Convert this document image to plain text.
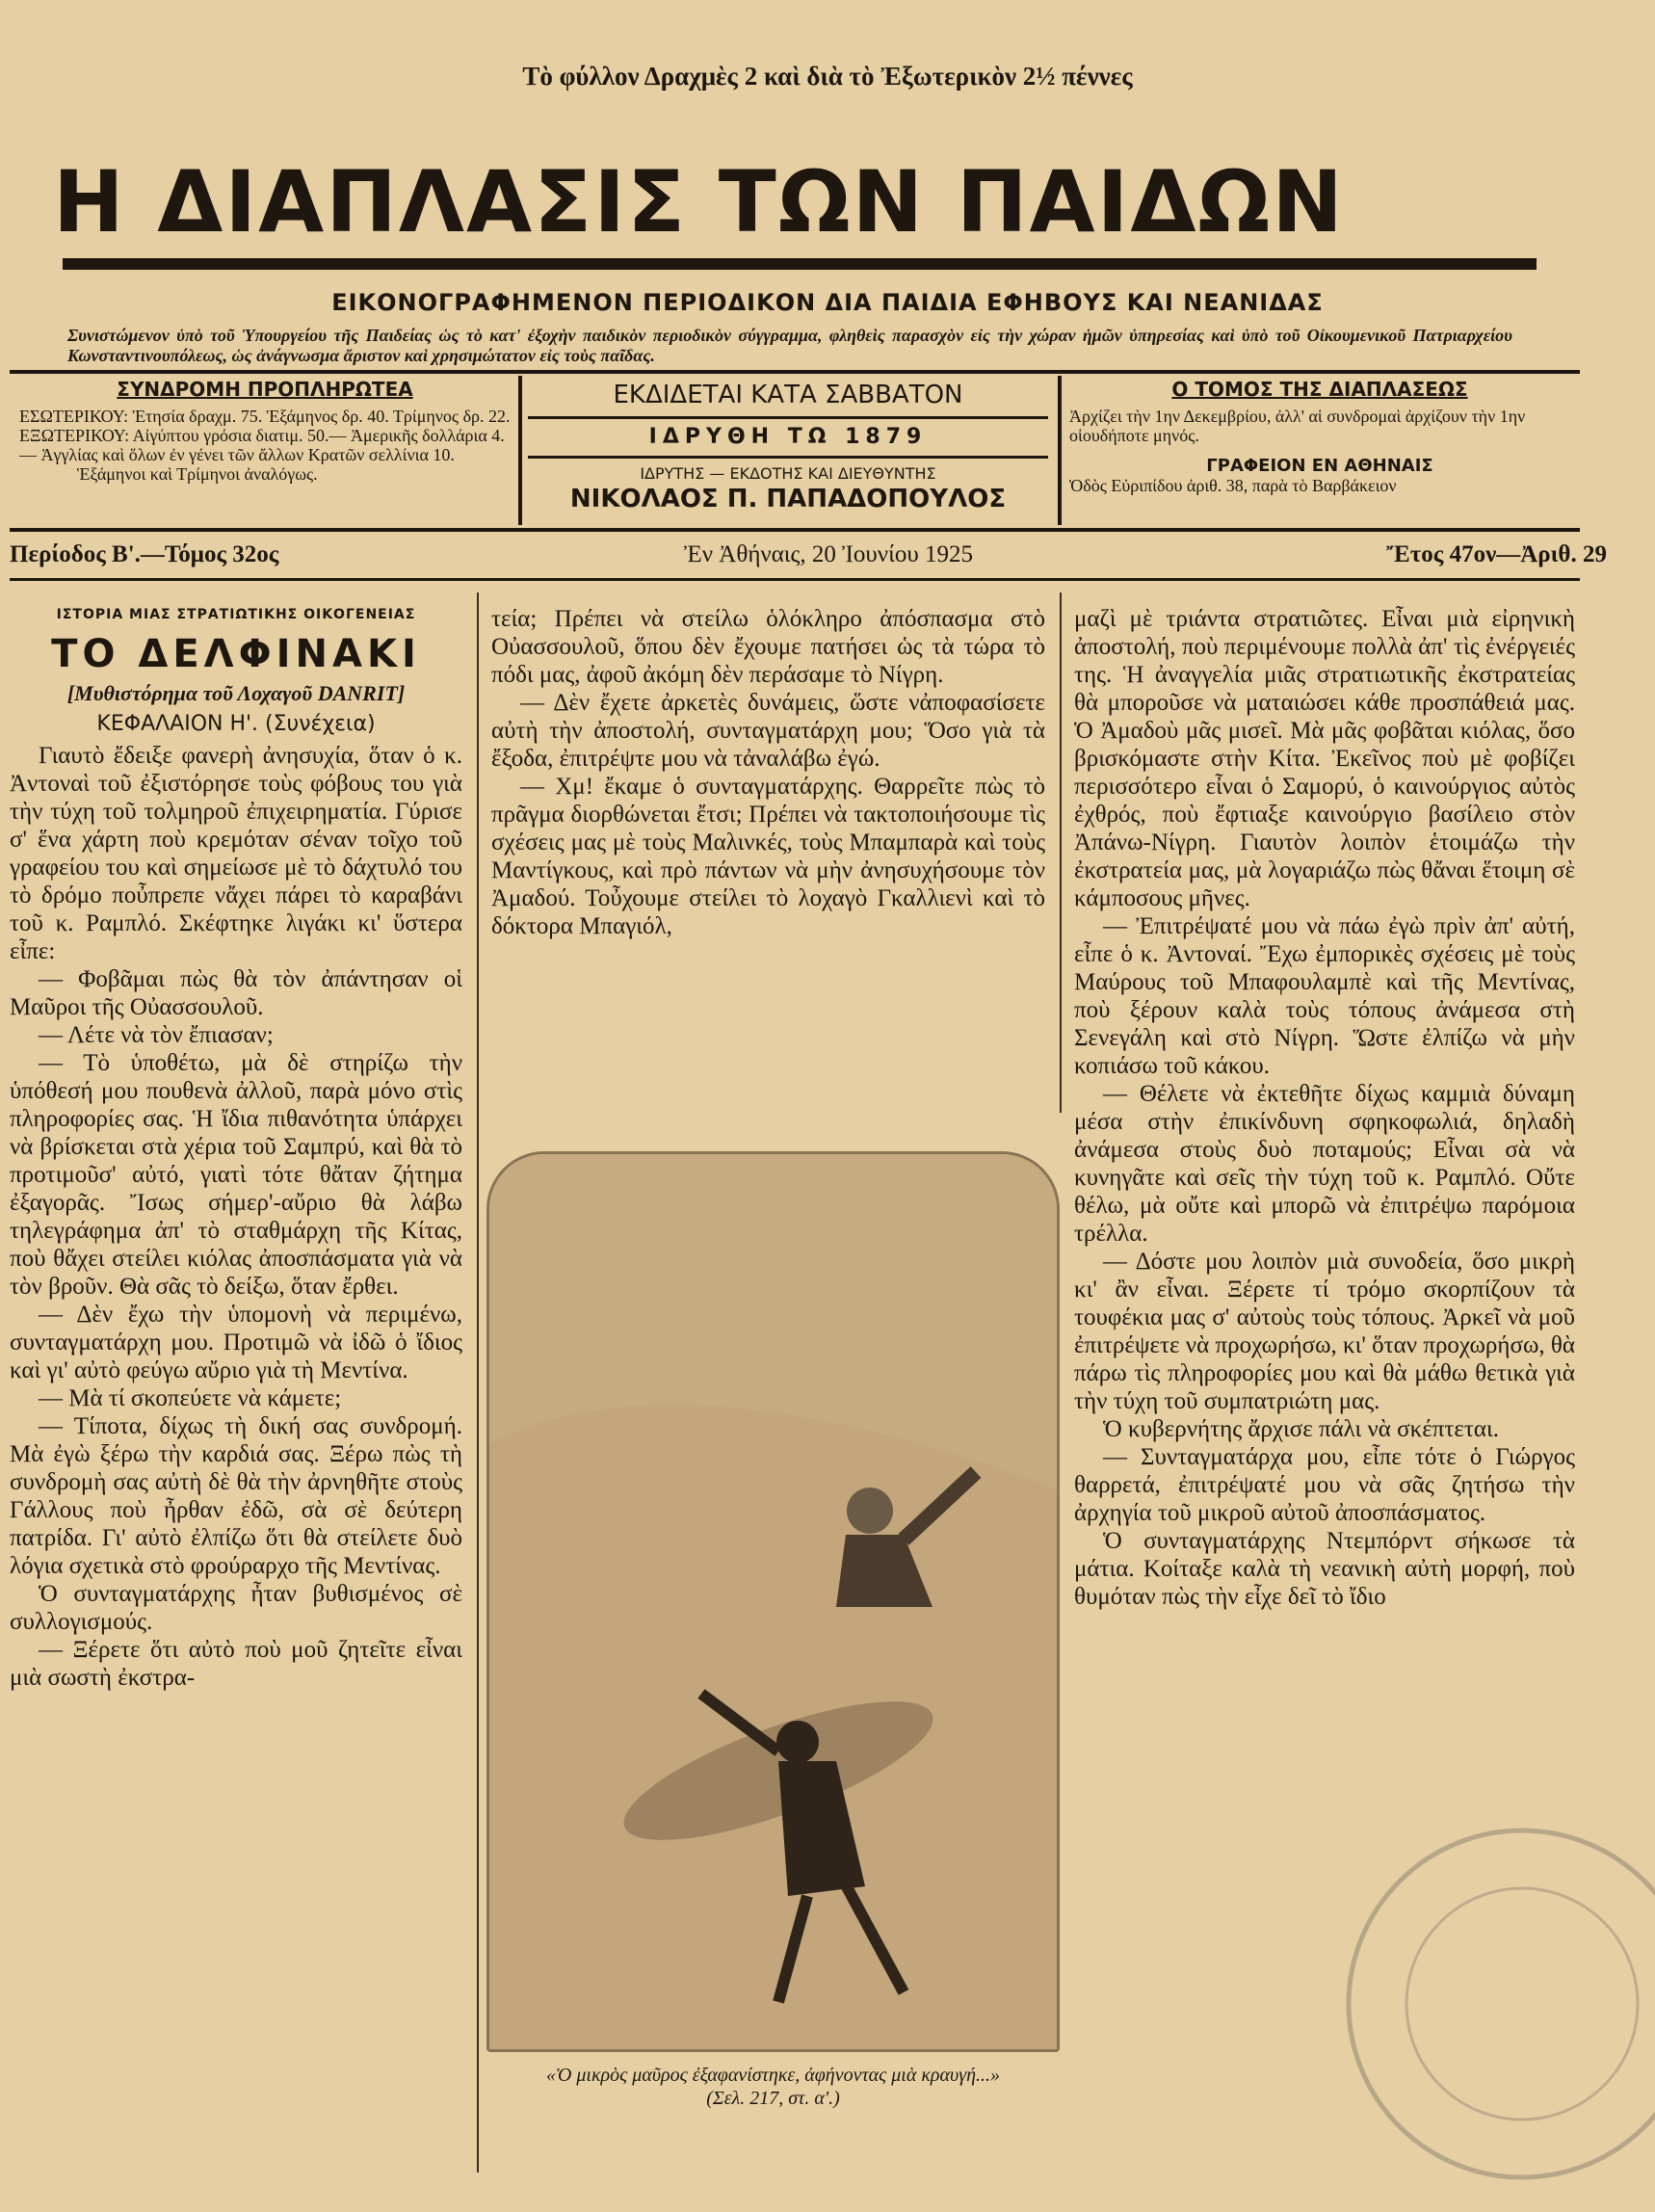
Τὸ φύλλον Δραχμὲς 2 καὶ διὰ τὸ Ἐξωτερικὸν 2½ πέννες
Η ΔΙΑΠΛΑΣΙΣ ΤΩΝ ΠΑΙΔΩΝ
ΕΙΚΟΝΟΓΡΑΦΗΜΕΝΟΝ ΠΕΡΙΟΔΙΚΟΝ ΔΙΑ ΠΑΙΔΙΑ ΕΦΗΒΟΥΣ ΚΑΙ ΝΕΑΝΙΔΑΣ
Συνιστώμενον ὑπὸ τοῦ Ὑπουργείου τῆς Παιδείας ὡς τὸ κατ' ἐξοχὴν παιδικὸν περιοδικὸν σύγγραμμα, φληθεὶς παρασχὸν εἰς τὴν χώραν ἡμῶν ὑπηρεσίας καὶ ὑπὸ τοῦ Οἰκουμενικοῦ Πατριαρχείου Κωνσταντινουπόλεως, ὡς ἀνάγνωσμα ἄριστον καὶ χρησιμώτατον εἰς τοὺς παῖδας.
ΣΥΝΔΡΟΜΗ ΠΡΟΠΛΗΡΩΤΕΑ
ΕΣΩΤΕΡΙΚΟΥ: Ἐτησία δραχμ. 75. Ἑξάμηνος δρ. 40. Τρίμηνος δρ. 22.
ΕΞΩΤΕΡΙΚΟΥ: Αἰγύπτου γρόσια διατιμ. 50.— Ἀμερικῆς δολλάρια 4. — Ἀγγλίας καὶ ὅλων ἐν γένει τῶν ἄλλων Κρατῶν σελλίνια 10.
Ἑξάμηνοι καὶ Τρίμηνοι ἀναλόγως.
ΕΚΔΙΔΕΤΑΙ ΚΑΤΑ ΣΑΒΒΑΤΟΝ
ΙΔΡΥΘΗ ΤΩ 1879
ΙΔΡΥΤΗΣ — ΕΚΔΟΤΗΣ ΚΑΙ ΔΙΕΥΘΥΝΤΗΣ
ΝΙΚΟΛΑΟΣ Π. ΠΑΠΑΔΟΠΟΥΛΟΣ
Ο ΤΟΜΟΣ ΤΗΣ ΔΙΑΠΛΑΣΕΩΣ
Ἀρχίζει τὴν 1ην Δεκεμβρίου, ἀλλ' αἱ συνδρομαὶ ἀρχίζουν τὴν 1ην οἱουδήποτε μηνός.
ΓΡΑΦΕΙΟΝ ΕΝ ΑΘΗΝΑΙΣ
Ὁδὸς Εὐριπίδου ἀριθ. 38, παρὰ τὸ Βαρβάκειον
Περίοδος Β'.—Τόμος 32ος	Ἐν Ἀθήναις, 20 Ἰουνίου 1925	Ἔτος 47ον—Ἀριθ. 29
ΙΣΤΟΡΙΑ ΜΙΑΣ ΣΤΡΑΤΙΩΤΙΚΗΣ ΟΙΚΟΓΕΝΕΙΑΣ
ΤΟ ΔΕΛΦΙΝΑΚΙ
[Μυθιστόρημα τοῦ Λοχαγοῦ DANRIT]
ΚΕΦΑΛΑΙΟΝ Η'. (Συνέχεια)

Γιαυτὸ ἔδειξε φανερὴ ἀνησυχία, ὅταν ὁ κ. Ἀντοναὶ τοῦ ἐξιστόρησε τοὺς φόβους του γιὰ τὴν τύχη τοῦ τολμηροῦ ἐπιχειρηματία. Γύρισε σ' ἕνα χάρτη ποὺ κρεμόταν σέναν τοῖχο τοῦ γραφείου του καὶ σημείωσε μὲ τὸ δάχτυλό του τὸ δρόμο ποὖπρεπε νἄχει πάρει τὸ καραβάνι τοῦ κ. Ραμπλό. Σκέφτηκε λιγάκι κι' ὕστερα εἶπε:

— Φοβᾶμαι πὼς θὰ τὸν ἀπάντησαν οἱ Μαῦροι τῆς Οὐασσουλοῦ.

— Λέτε νὰ τὸν ἔπιασαν;

— Τὸ ὑποθέτω, μὰ δὲ στηρίζω τὴν ὑπόθεσή μου πουθενὰ ἀλλοῦ, παρὰ μόνο στὶς πληροφορίες σας. Ἡ ἴδια πιθανότητα ὑπάρχει νὰ βρίσκεται στὰ χέρια τοῦ Σαμπρύ, καὶ θὰ τὸ προτιμοῦσ' αὐτό, γιατὶ τότε θἄταν ζήτημα ἐξαγορᾶς. Ἴσως σήμερ'-αὔριο θὰ λάβω τηλεγράφημα ἀπ' τὸ σταθμάρχη τῆς Κίτας, ποὺ θἄχει στείλει κιόλας ἀποσπάσματα γιὰ νὰ τὸν βροῦν. Θὰ σᾶς τὸ δείξω, ὅταν ἔρθει.

— Δὲν ἔχω τὴν ὑπομονὴ νὰ περιμένω, συνταγματάρχη μου. Προτιμῶ νὰ ἰδῶ ὁ ἴδιος καὶ γι' αὐτὸ φεύγω αὔριο γιὰ τὴ Μεντίνα.

— Μὰ τί σκοπεύετε νὰ κάμετε;

— Τίποτα, δίχως τὴ δική σας συνδρομή. Μὰ ἐγὼ ξέρω τὴν καρδιά σας. Ξέρω πὼς τὴ συνδρομὴ σας αὐτὴ δὲ θὰ τὴν ἀρνηθῆτε στοὺς Γάλλους ποὺ ἦρθαν ἐδῶ, σὰ σὲ δεύτερη πατρίδα. Γι' αὐτὸ ἐλπίζω ὅτι θὰ στείλετε δυὸ λόγια σχετικὰ στὸ φρούραρχο τῆς Μεντίνας.

Ὁ συνταγματάρχης ἦταν βυθισμένος σὲ συλλογισμούς.

— Ξέρετε ὅτι αὐτὸ ποὺ μοῦ ζητεῖτε εἶναι μιὰ σωστὴ ἐκστρα-

τεία; Πρέπει νὰ στείλω ὁλόκληρο ἀπόσπασμα στὸ Οὐασσουλοῦ, ὅπου δὲν ἔχουμε πατήσει ὡς τὰ τώρα τὸ πόδι μας, ἀφοῦ ἀκόμη δὲν περάσαμε τὸ Νίγρη.

— Δὲν ἔχετε ἀρκετὲς δυνάμεις, ὥστε νἀποφασίσετε αὐτὴ τὴν ἀποστολή, συνταγματάρχη μου; Ὅσο γιὰ τὰ ἔξοδα, ἐπιτρέψτε μου νὰ τἀναλάβω ἐγώ.

— Χμ! ἔκαμε ὁ συνταγματάρχης. Θαρρεῖτε πὼς τὸ πρᾶγμα διορθώνεται ἔτσι; Πρέπει νὰ τακτοποιήσουμε τὶς σχέσεις μας μὲ τοὺς Μαλινκές, τοὺς Μπαμπαρὰ καὶ τοὺς Μαντίγκους, καὶ πρὸ πάντων νὰ μὴν ἀνησυχήσουμε τὸν Ἀμαδού. Τοὖχουμε στείλει τὸ λοχαγὸ Γκαλλιενὶ καὶ τὸ δόκτορα Μπαγιόλ,

μαζὶ μὲ τριάντα στρατιῶτες. Εἶναι μιὰ εἰρηνικὴ ἀποστολή, ποὺ περιμένουμε πολλὰ ἀπ' τὶς ἐνέργειές της. Ἡ ἀναγγελία μιᾶς στρατιωτικῆς ἐκστρατείας θὰ μποροῦσε νὰ ματαιώσει κάθε προσπάθειά μας. Ὁ Ἀμαδοὺ μᾶς μισεῖ. Μὰ μᾶς φοβᾶται κιόλας, ὅσο βρισκόμαστε στὴν Κίτα. Ἐκεῖνος ποὺ μὲ φοβίζει περισσότερο εἶναι ὁ Σαμορύ, ὁ καινούργιος αὐτὸς ἐχθρός, ποὺ ἔφτιαξε καινούργιο βασίλειο στὸν Ἀπάνω-Νίγρη. Γιαυτὸν λοιπὸν ἑτοιμάζω τὴν ἐκστρατεία μας, μὰ λογαριάζω πὼς θἄναι ἕτοιμη σὲ κάμποσους μῆνες.

— Ἐπιτρέψατέ μου νὰ πάω ἐγὼ πρὶν ἀπ' αὐτή, εἶπε ὁ κ. Ἀντοναί. Ἔχω ἐμπορικὲς σχέσεις μὲ τοὺς Μαύρους τοῦ Μπαφουλαμπὲ καὶ τῆς Μεντίνας, ποὺ ξέρουν καλὰ τοὺς τόπους ἀνάμεσα στὴ Σενεγάλη καὶ στὸ Νίγρη. Ὥστε ἐλπίζω νὰ μὴν κοπιάσω τοῦ κάκου.

— Θέλετε νὰ ἐκτεθῆτε δίχως καμμιὰ δύναμη μέσα στὴν ἐπικίνδυνη σφηκοφωλιά, δηλαδὴ ἀνάμεσα στοὺς δυὸ ποταμούς; Εἶναι σὰ νὰ κυνηγᾶτε καὶ σεῖς τὴν τύχη τοῦ κ. Ραμπλό. Οὔτε θέλω, μὰ οὔτε καὶ μπορῶ νὰ ἐπιτρέψω παρόμοια τρέλλα.

— Δόστε μου λοιπὸν μιὰ συνοδεία, ὅσο μικρὴ κι' ἂν εἶναι. Ξέρετε τί τρόμο σκορπίζουν τὰ τουφέκια μας σ' αὐτοὺς τοὺς τόπους. Ἀρκεῖ νὰ μοῦ ἐπιτρέψετε νὰ προχωρήσω, κι' ὅταν προχωρήσω, θὰ πάρω τὶς πληροφορίες μου καὶ θὰ μάθω θετικὰ γιὰ τὴν τύχη τοῦ συμπατριώτη μας.

Ὁ κυβερνήτης ἄρχισε πάλι νὰ σκέπτεται.

— Συνταγματάρχα μου, εἶπε τότε ὁ Γιώργος θαρρετά, ἐπιτρέψατέ μου νὰ σᾶς ζητήσω τὴν ἀρχηγία τοῦ μικροῦ αὐτοῦ ἀποσπάσματος.

Ὁ συνταγματάρχης Ντεμπόρντ σήκωσε τὰ μάτια. Κοίταξε καλὰ τὴ νεανικὴ αὐτὴ μορφή, ποὺ θυμόταν πὼς τὴν εἶχε δεῖ τὸ ἴδιο

«Ὁ μικρὸς μαῦρος ἐξαφανίστηκε, ἀφήνοντας μιὰ κραυγή...»
(Σελ. 217, στ. α'.)
